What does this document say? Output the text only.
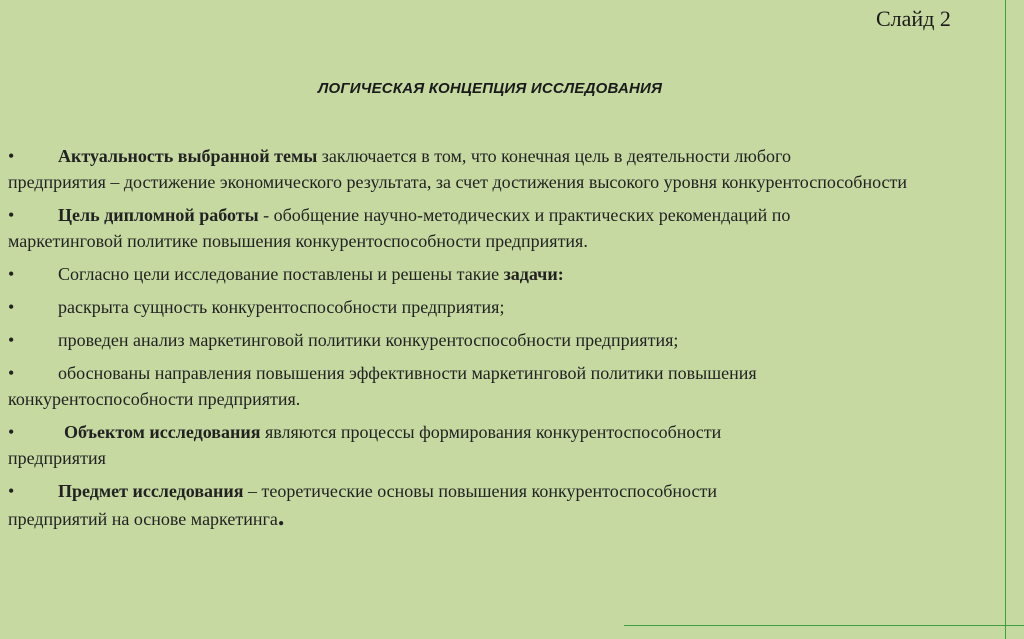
Слайд 2
ЛОГИЧЕСКАЯ КОНЦЕПЦИЯ ИССЛЕДОВАНИЯ
•	Актуальность выбранной темы заключается в том, что конечная цель в деятельности любого
предприятия – достижение экономического результата, за счет достижения высокого уровня конкурентоспособности
•	Цель дипломной работы - обобщение научно-методических и практических рекомендаций по
маркетинговой политике повышения конкурентоспособности предприятия.
•	Согласно цели исследование поставлены и решены такие задачи:
•	раскрыта сущность конкурентоспособности предприятия;
•	проведен анализ маркетинговой политики конкурентоспособности предприятия;
•	обоснованы направления повышения эффективности маркетинговой политики повышения
конкурентоспособности предприятия.
•	Объектом исследования являются процессы формирования конкурентоспособности
предприятия
•	Предмет исследования – теоретические основы повышения конкурентоспособности
предприятий на основе маркетинга.
